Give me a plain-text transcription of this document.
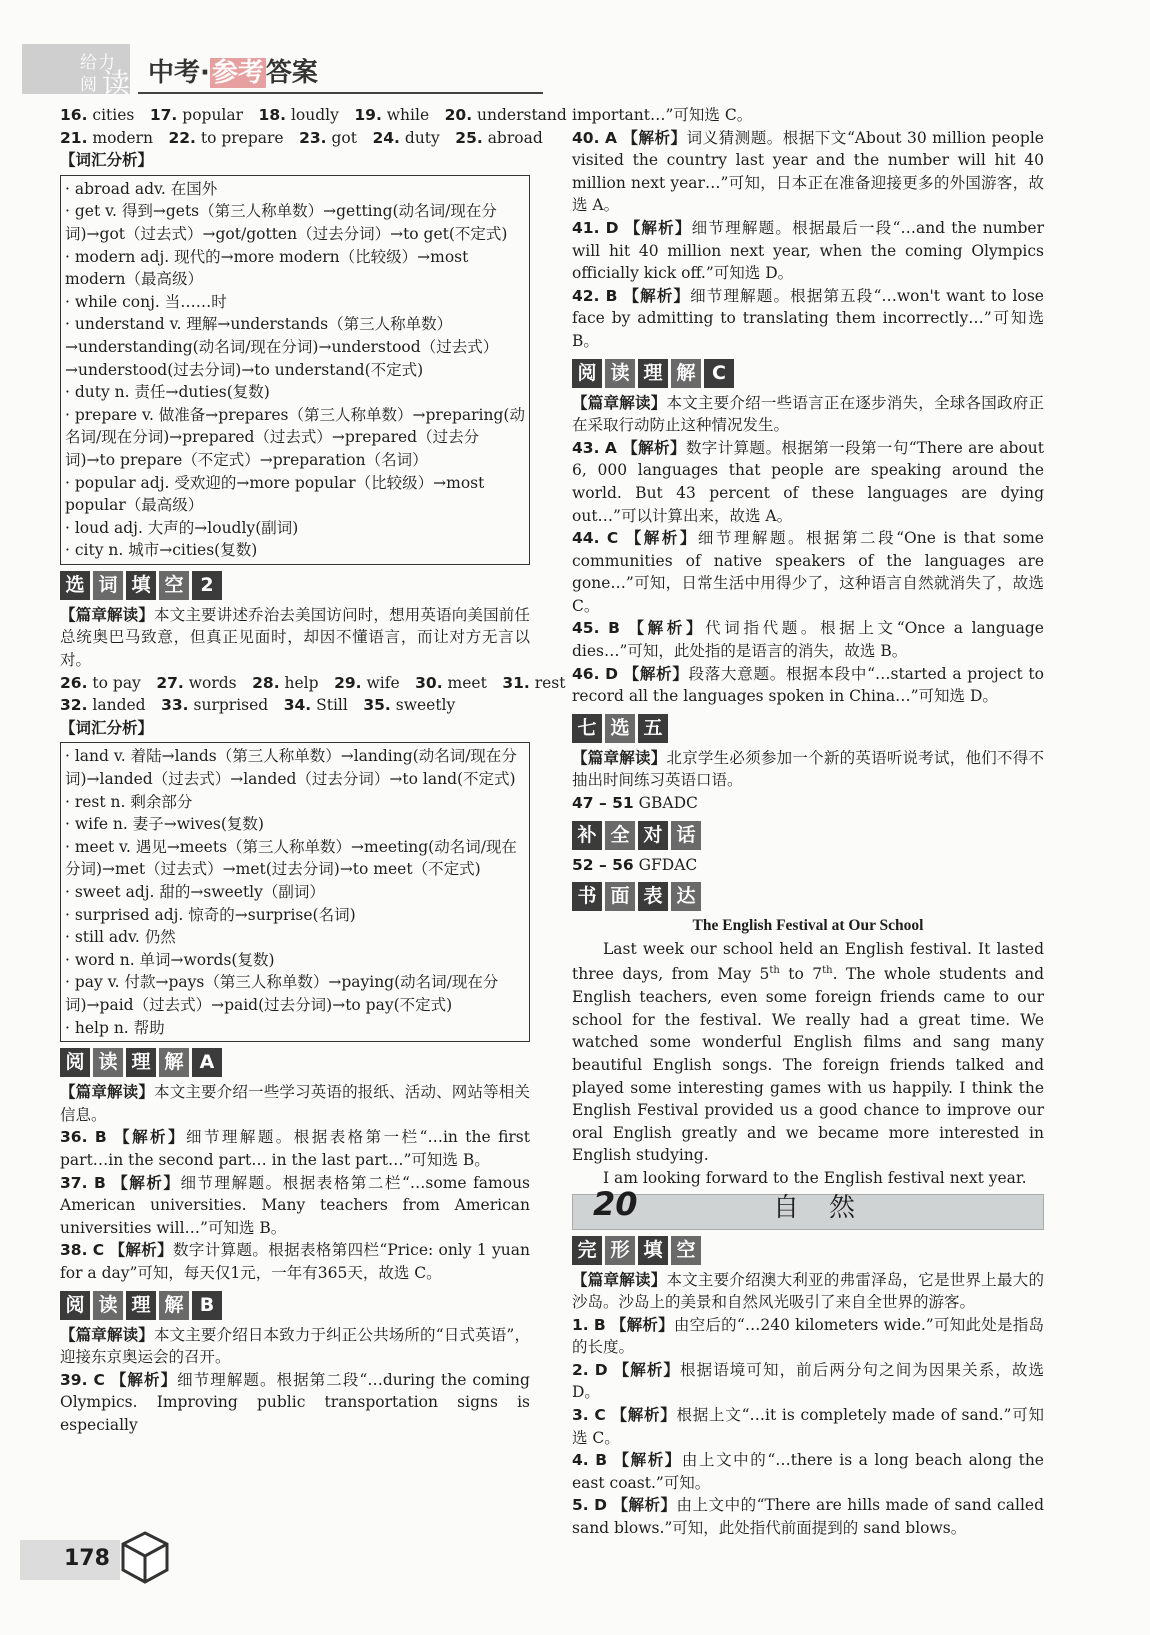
给力
阅 读 中考·参考答案
16. cities  17. popular  18. loudly  19. while  20. understand 
21. modern  22. to prepare  23. got  24. duty  25. abroad 
【词汇分析】

· abroad adv. 在国外

· get v. 得到→gets（第三人称单数）→getting(动名词/现在分词)→got（过去式）→got/gotten（过去分词）→to get(不定式)

· modern adj. 现代的→more modern（比较级）→most modern（最高级）

· while conj. 当……时

· understand v. 理解→understands（第三人称单数）→understanding(动名词/现在分词)→understood（过去式）→understood(过去分词)→to understand(不定式)

· duty n. 责任→duties(复数)

· prepare v. 做准备→prepares（第三人称单数）→preparing(动名词/现在分词)→prepared（过去式）→prepared（过去分词)→to prepare（不定式）→preparation（名词）

· popular adj. 受欢迎的→more popular（比较级）→most popular（最高级）

· loud adj. 大声的→loudly(副词)

· city n. 城市→cities(复数)

选 词 填 空 2

【篇章解读】本文主要讲述乔治去美国访问时，想用英语向美国前任总统奥巴马致意，但真正见面时，却因不懂语言，而让对方无言以对。

26. to pay  27. words  28. help  29. wife  30. meet  31. rest 
32. landed  33. surprised  34. Still  35. sweetly 
【词汇分析】

· land v. 着陆→lands（第三人称单数）→landing(动名词/现在分词)→landed（过去式）→landed（过去分词）→to land(不定式)

· rest n. 剩余部分

· wife n. 妻子→wives(复数)

· meet v. 遇见→meets（第三人称单数）→meeting(动名词/现在分词)→met（过去式）→met(过去分词)→to meet（不定式)

· sweet adj. 甜的→sweetly（副词）

· surprised adj. 惊奇的→surprise(名词)

· still adv. 仍然

· word n. 单词→words(复数)

· pay v. 付款→pays（第三人称单数）→paying(动名词/现在分词)→paid（过去式）→paid(过去分词)→to pay(不定式)

· help n. 帮助

阅 读 理 解 A

【篇章解读】本文主要介绍一些学习英语的报纸、活动、网站等相关信息。

36. B 【解析】细节理解题。根据表格第一栏“…in the first part…in the second part… in the last part…”可知选 B。

37. B 【解析】细节理解题。根据表格第二栏“…some famous American universities. Many teachers from American universities will…”可知选 B。

38. C 【解析】数字计算题。根据表格第四栏“Price: only 1 yuan for a day”可知，每天仅1元，一年有365天，故选 C。

阅 读 理 解 B

【篇章解读】本文主要介绍日本致力于纠正公共场所的“日式英语”，迎接东京奥运会的召开。

39. C 【解析】细节理解题。根据第二段“…during the coming Olympics. Improving public transportation signs is especially

important…”可知选 C。

40. A 【解析】词义猜测题。根据下文“About 30 million people visited the country last year and the number will hit 40 million next year…”可知，日本正在准备迎接更多的外国游客，故选 A。

41. D 【解析】细节理解题。根据最后一段“…and the number will hit 40 million next year, when the coming Olympics officially kick off.”可知选 D。

42. B 【解析】细节理解题。根据第五段“…won't want to lose face by admitting to translating them incorrectly…”可知选 B。

阅 读 理 解 C

【篇章解读】本文主要介绍一些语言正在逐步消失，全球各国政府正在采取行动防止这种情况发生。

43. A 【解析】数字计算题。根据第一段第一句“There are about 6, 000 languages that people are speaking around the world. But 43 percent of these languages are dying out…”可以计算出来，故选 A。

44. C 【解析】细节理解题。根据第二段“One is that some communities of native speakers of the languages are gone…”可知，日常生活中用得少了，这种语言自然就消失了，故选 C。

45. B 【解析】代词指代题。根据上文“Once a language dies…”可知，此处指的是语言的消失，故选 B。

46. D 【解析】段落大意题。根据本段中“…started a project to record all the languages spoken in China…”可知选 D。

七 选 五

【篇章解读】北京学生必须参加一个新的英语听说考试，他们不得不抽出时间练习英语口语。

47 – 51 GBADC
补 全 对 话
52 – 56 GFDAC
书 面 表 达
The English Festival at Our School

Last week our school held an English festival. It lasted three days, from May 5th to 7th. The whole students and English teachers, even some foreign friends came to our school for the festival. We really had a great time. We watched some wonderful English films and sang many beautiful English songs. The foreign friends talked and played some interesting games with us happily. I think the English Festival provided us a good chance to improve our oral English greatly and we became more interested in English studying.

I am looking forward to the English festival next year.

20	自然
完 形 填 空

【篇章解读】本文主要介绍澳大利亚的弗雷泽岛，它是世界上最大的沙岛。沙岛上的美景和自然风光吸引了来自全世界的游客。

1. B 【解析】由空后的“…240 kilometers wide.”可知此处是指岛的长度。

2. D 【解析】根据语境可知，前后两分句之间为因果关系，故选 D。

3. C 【解析】根据上文“…it is completely made of sand.”可知选 C。

4. B 【解析】由上文中的“…there is a long beach along the east coast.”可知。

5. D 【解析】由上文中的“There are hills made of sand called sand blows.”可知，此处指代前面提到的 sand blows。

178
